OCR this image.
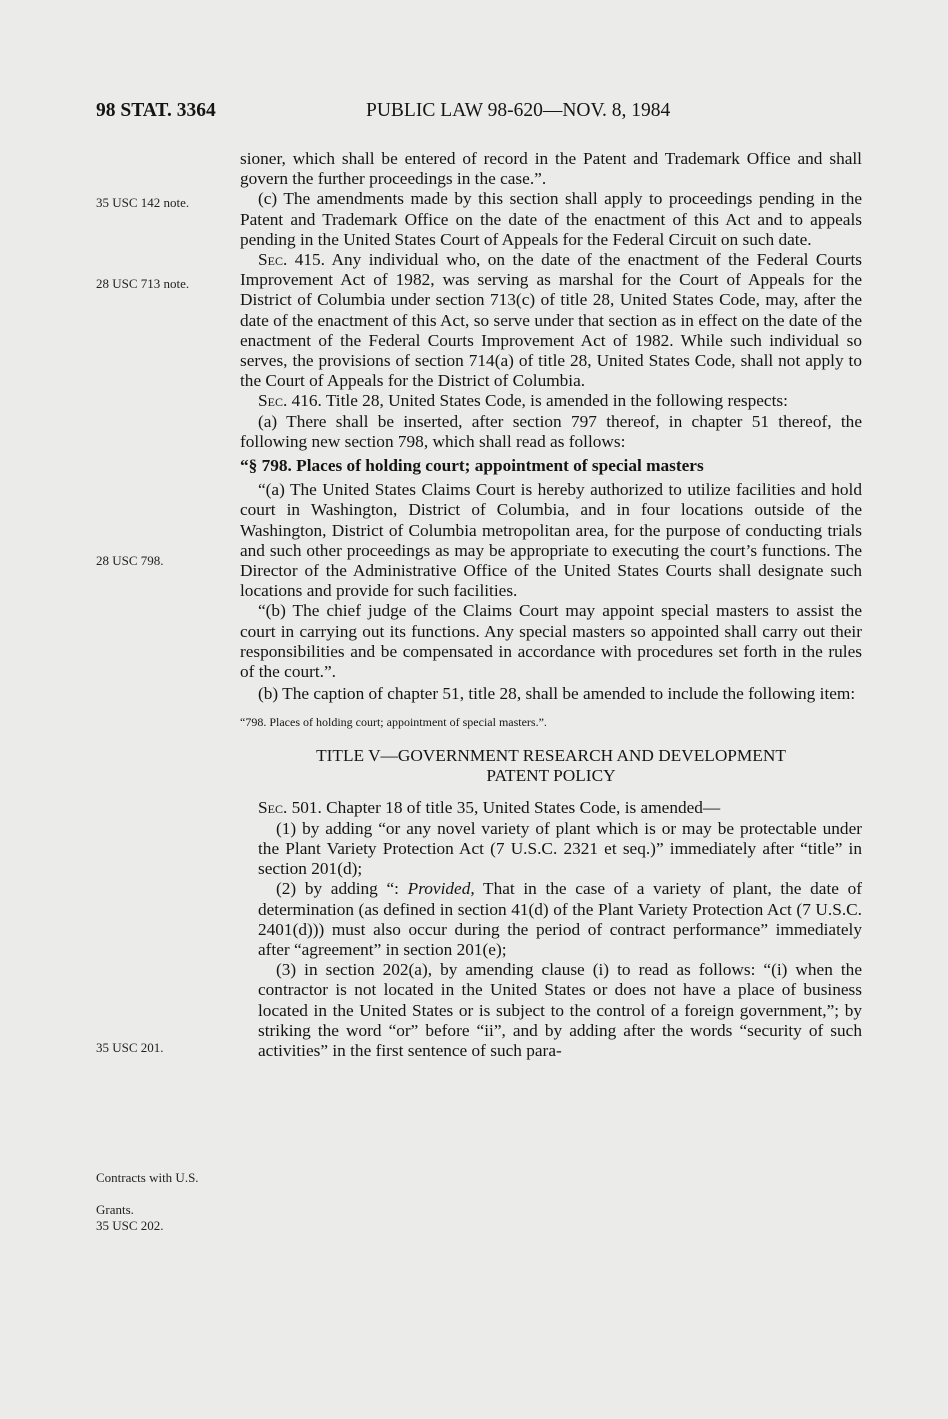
98 STAT. 3364	PUBLIC LAW 98-620—NOV. 8, 1984
35 USC 142 note.
28 USC 713 note.
28 USC 798.
35 USC 201.
Contracts with U.S.
Grants.
35 USC 202.

sioner, which shall be entered of record in the Patent and Trademark Office and shall govern the further proceedings in the case.”.

(c) The amendments made by this section shall apply to proceedings pending in the Patent and Trademark Office on the date of the enactment of this Act and to appeals pending in the United States Court of Appeals for the Federal Circuit on such date.

Sec. 415. Any individual who, on the date of the enactment of the Federal Courts Improvement Act of 1982, was serving as marshal for the Court of Appeals for the District of Columbia under section 713(c) of title 28, United States Code, may, after the date of the enactment of this Act, so serve under that section as in effect on the date of the enactment of the Federal Courts Improvement Act of 1982. While such individual so serves, the provisions of section 714(a) of title 28, United States Code, shall not apply to the Court of Appeals for the District of Columbia.

Sec. 416. Title 28, United States Code, is amended in the following respects:

(a) There shall be inserted, after section 797 thereof, in chapter 51 thereof, the following new section 798, which shall read as follows:

“§ 798. Places of holding court; appointment of special masters

“(a) The United States Claims Court is hereby authorized to utilize facilities and hold court in Washington, District of Columbia, and in four locations outside of the Washington, District of Columbia metropolitan area, for the purpose of conducting trials and such other proceedings as may be appropriate to executing the court’s functions. The Director of the Administrative Office of the United States Courts shall designate such locations and provide for such facilities.

“(b) The chief judge of the Claims Court may appoint special masters to assist the court in carrying out its functions. Any special masters so appointed shall carry out their responsibilities and be compensated in accordance with procedures set forth in the rules of the court.”.

(b) The caption of chapter 51, title 28, shall be amended to include the following item:

“798. Places of holding court; appointment of special masters.”.

TITLE V—GOVERNMENT RESEARCH AND DEVELOPMENT
PATENT POLICY

Sec. 501. Chapter 18 of title 35, United States Code, is amended—

(1) by adding “or any novel variety of plant which is or may be protectable under the Plant Variety Protection Act (7 U.S.C. 2321 et seq.)” immediately after “title” in section 201(d);

(2) by adding “: Provided, That in the case of a variety of plant, the date of determination (as defined in section 41(d) of the Plant Variety Protection Act (7 U.S.C. 2401(d))) must also occur during the period of contract performance” immediately after “agreement” in section 201(e);

(3) in section 202(a), by amending clause (i) to read as follows: “(i) when the contractor is not located in the United States or does not have a place of business located in the United States or is subject to the control of a foreign government,”; by striking the word “or” before “ii”, and by adding after the words “security of such activities” in the first sentence of such para-
